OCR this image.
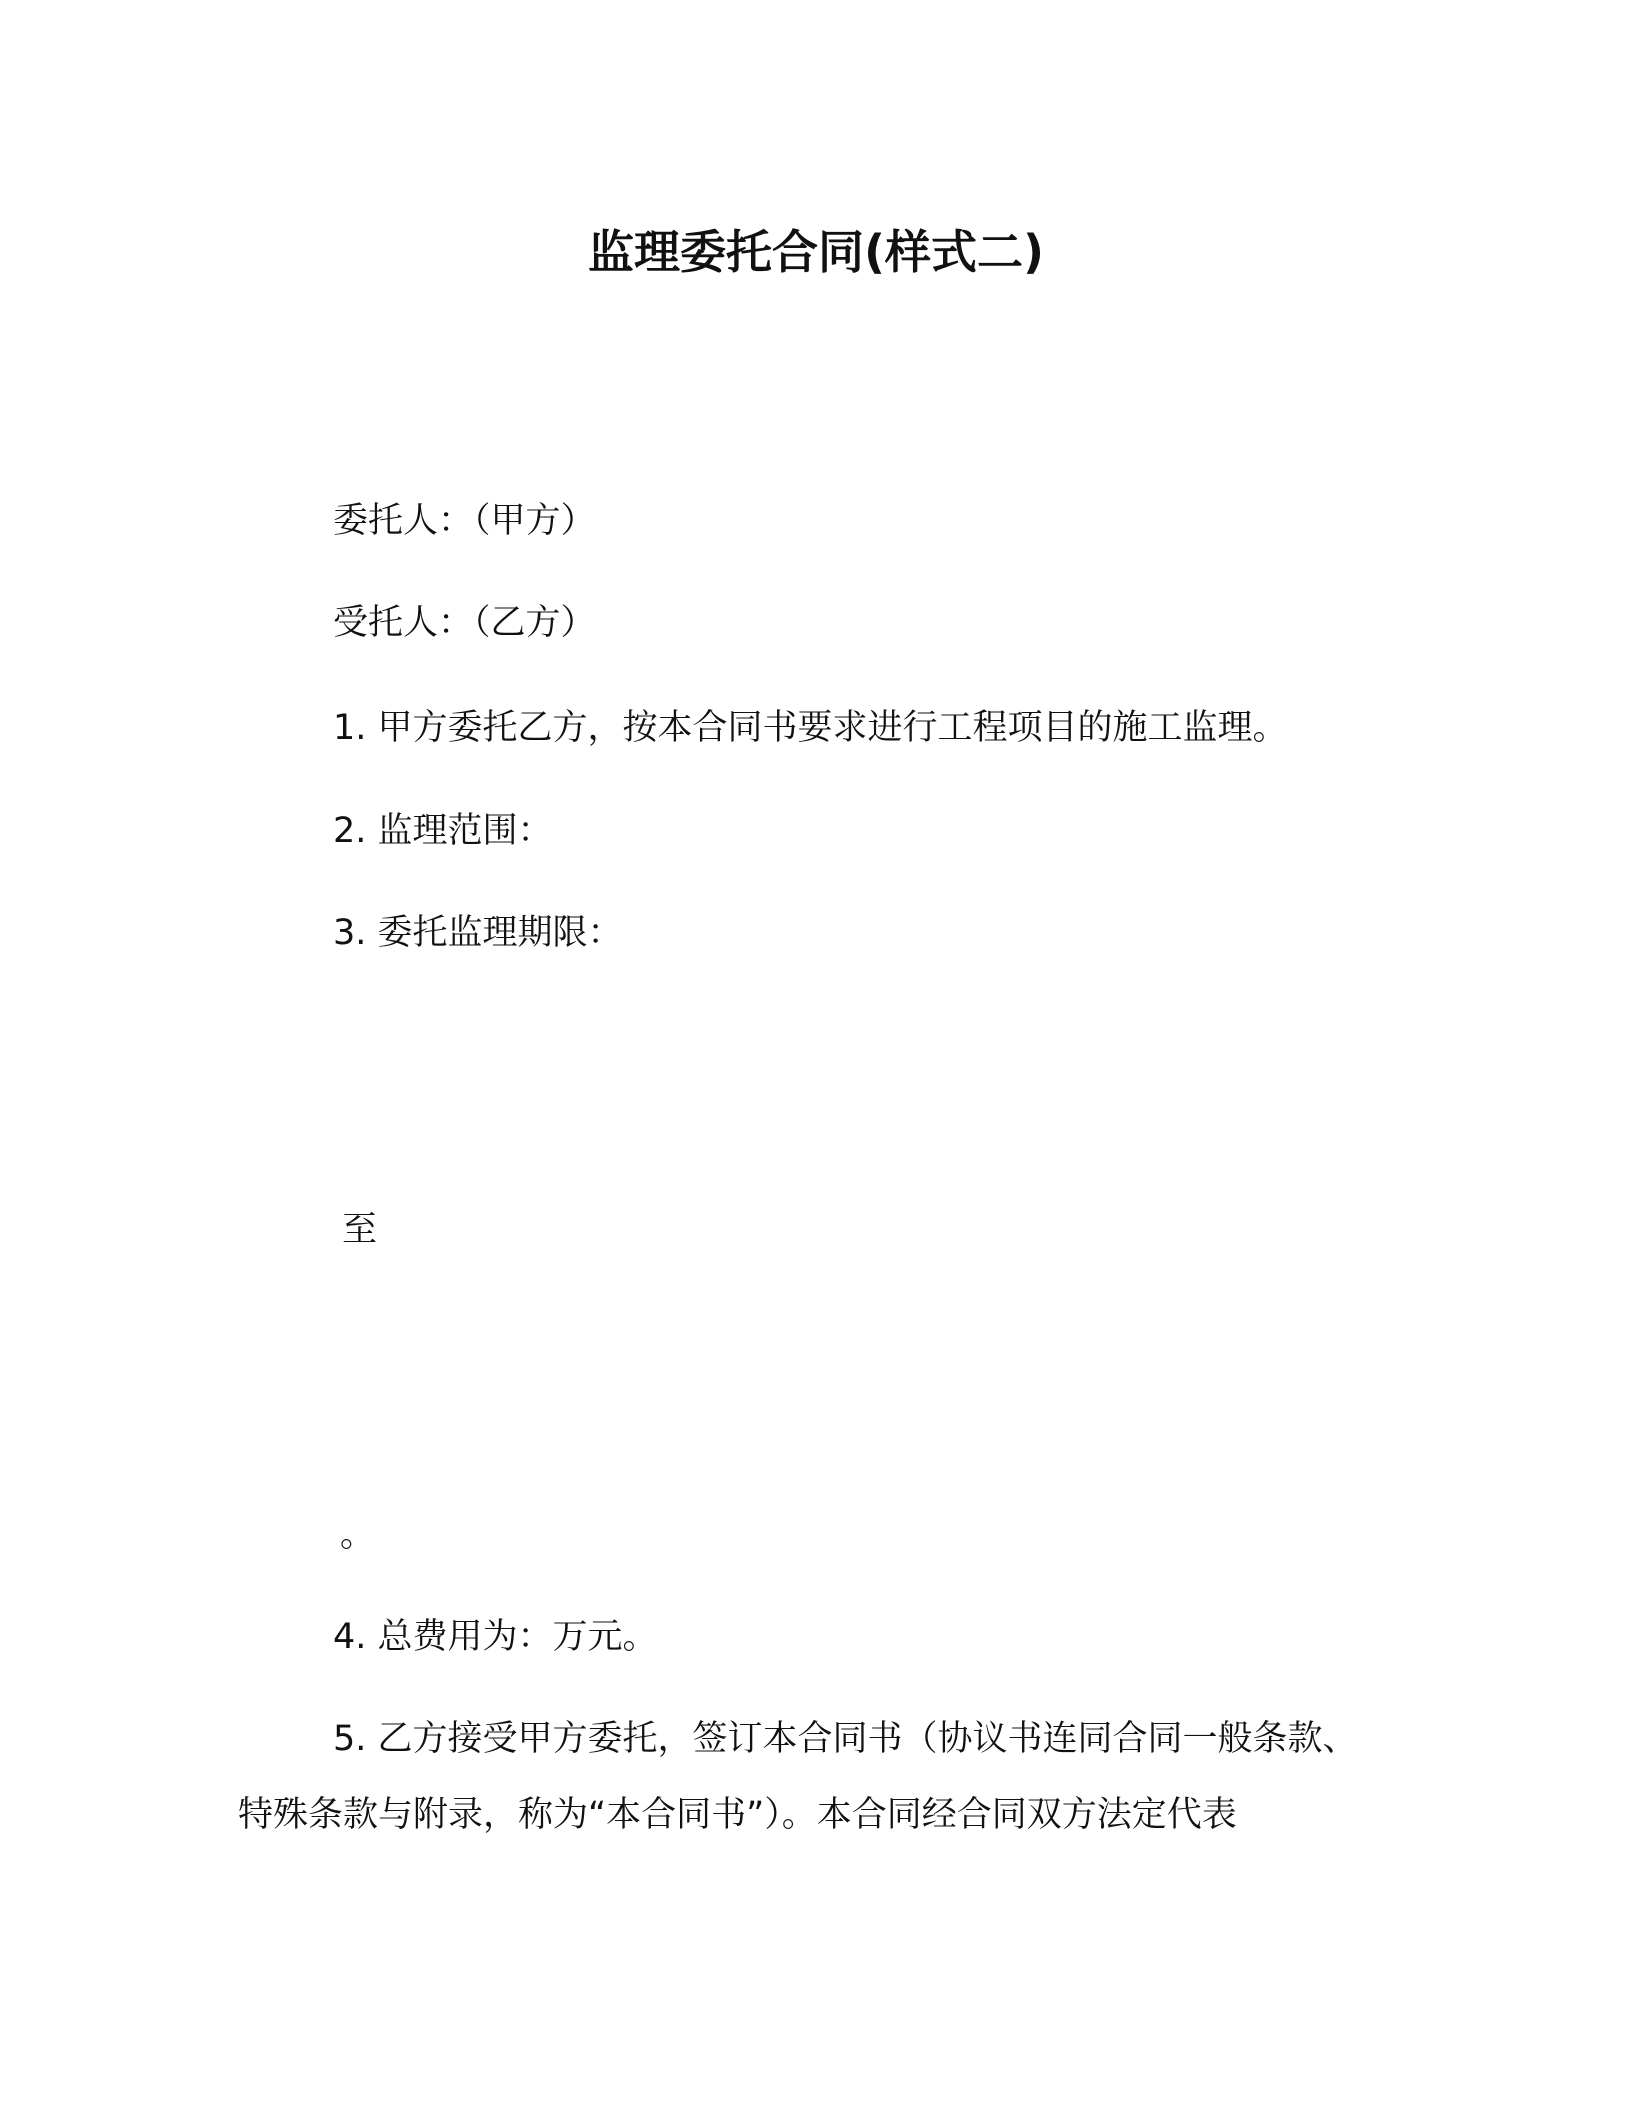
监理委托合同(样式二)
委托人：（甲方）
受托人：（乙方）
1. 甲方委托乙方，按本合同书要求进行工程项目的施工监理。
2. 监理范围：
3. 委托监理期限：
至
。
4. 总费用为：万元。
5. 乙方接受甲方委托，签订本合同书（协议书连同合同一般条款、
特殊条款与附录，称为“本合同书”）。本合同经合同双方法定代表
